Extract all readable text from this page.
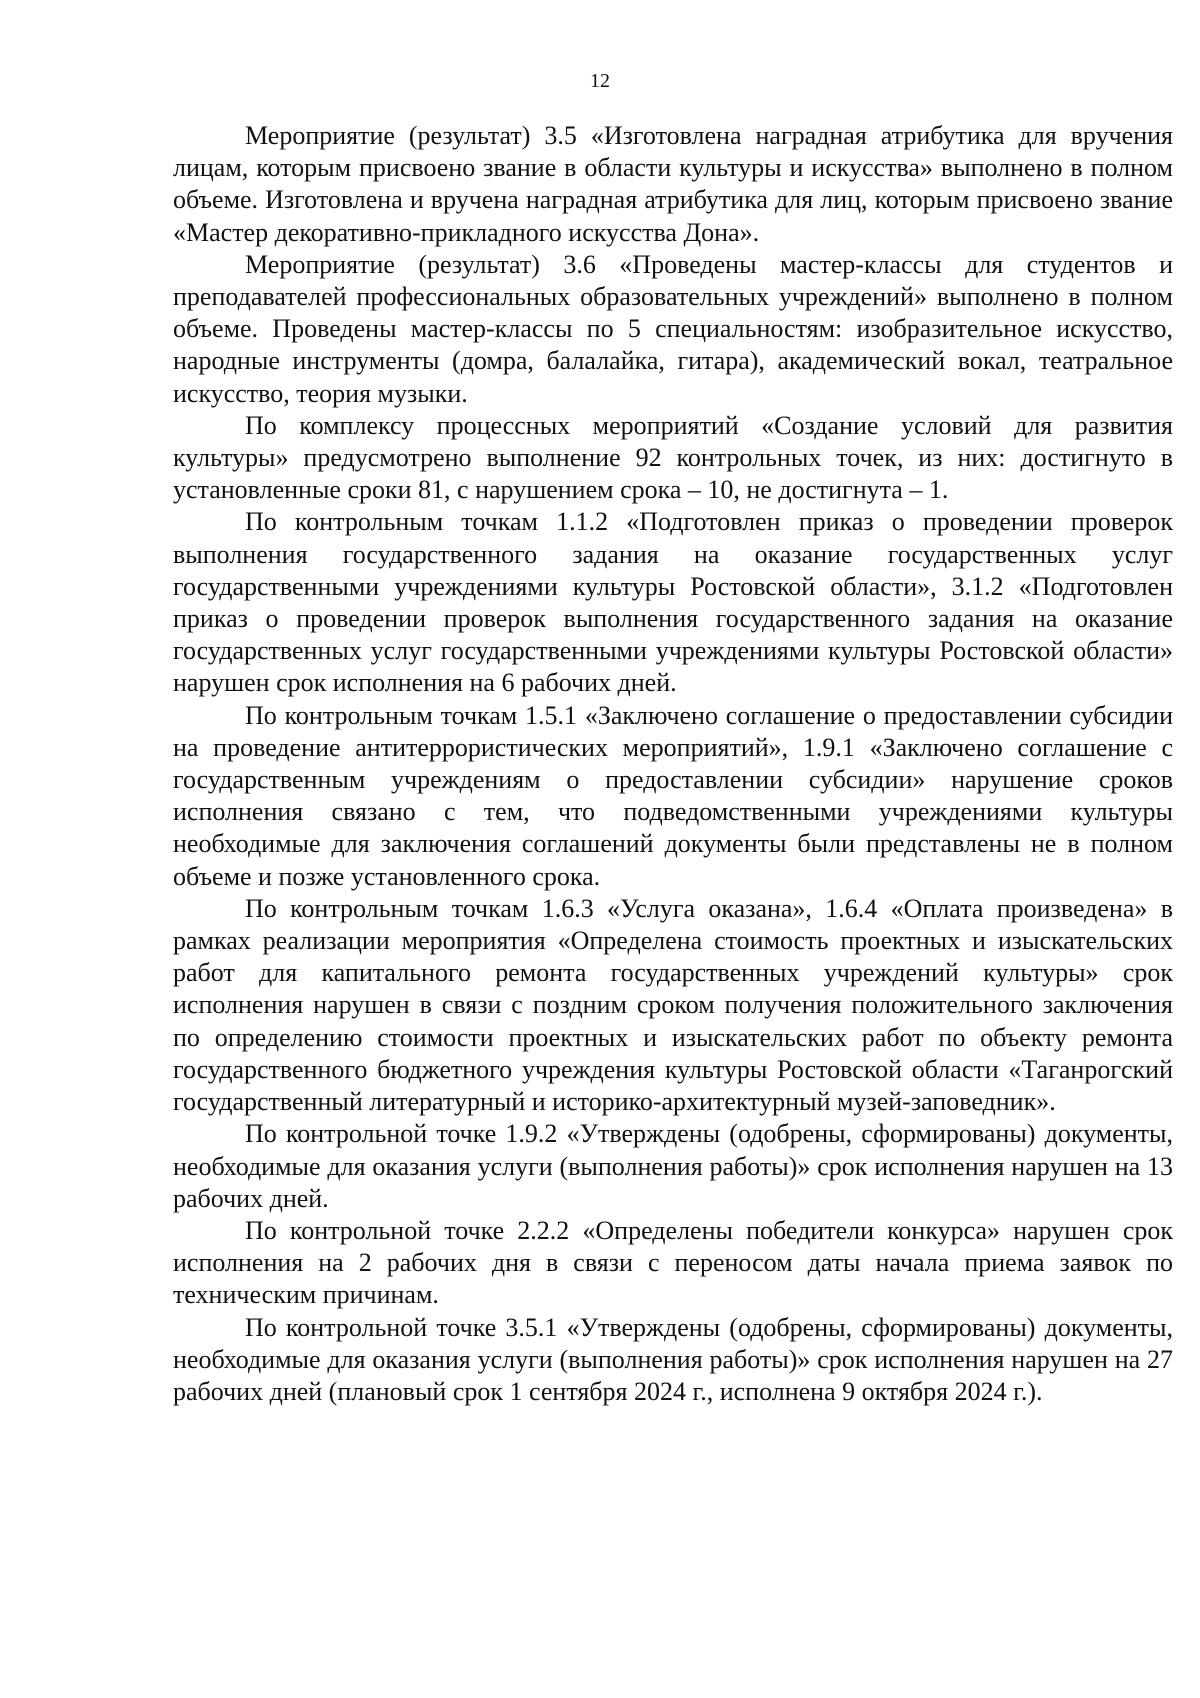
12

Мероприятие (результат) 3.5 «Изготовлена наградная атрибутика для вручения лицам, которым присвоено звание в области культуры и искусства» выполнено в полном объеме. Изготовлена и вручена наградная атрибутика для лиц, которым присвоено звание «Мастер декоративно-прикладного искусства Дона».

Мероприятие (результат) 3.6 «Проведены мастер-классы для студентов и преподавателей профессиональных образовательных учреждений» выполнено в полном объеме. Проведены мастер-классы по 5 специальностям: изобразительное искусство, народные инструменты (домра, балалайка, гитара), академический вокал, театральное искусство, теория музыки.

По комплексу процессных мероприятий «Создание условий для развития культуры» предусмотрено выполнение 92 контрольных точек, из них: достигнуто в установленные сроки 81, с нарушением срока – 10, не достигнута – 1.

По контрольным точкам 1.1.2 «Подготовлен приказ о проведении проверок выполнения государственного задания на оказание государственных услуг государственными учреждениями культуры Ростовской области», 3.1.2 «Подготовлен приказ о проведении проверок выполнения государственного задания на оказание государственных услуг государственными учреждениями культуры Ростовской области» нарушен срок исполнения на 6 рабочих дней.

По контрольным точкам 1.5.1 «Заключено соглашение о предоставлении субсидии на проведение антитеррористических мероприятий», 1.9.1 «Заключено соглашение с государственным учреждениям о предоставлении субсидии» нарушение сроков исполнения связано с тем, что подведомственными учреждениями культуры необходимые для заключения соглашений документы были представлены не в полном объеме и позже установленного срока.

По контрольным точкам 1.6.3 «Услуга оказана», 1.6.4 «Оплата произведена» в рамках реализации мероприятия «Определена стоимость проектных и изыскательских работ для капитального ремонта государственных учреждений культуры» срок исполнения нарушен в связи с поздним сроком получения положительного заключения по определению стоимости проектных и изыскательских работ по объекту ремонта государственного бюджетного учреждения культуры Ростовской области «Таганрогский государственный литературный и историко-архитектурный музей-заповедник».

По контрольной точке 1.9.2 «Утверждены (одобрены, сформированы) документы, необходимые для оказания услуги (выполнения работы)» срок исполнения нарушен на 13 рабочих дней.

По контрольной точке 2.2.2 «Определены победители конкурса» нарушен срок исполнения на 2 рабочих дня в связи с переносом даты начала приема заявок по техническим причинам.

По контрольной точке 3.5.1 «Утверждены (одобрены, сформированы) документы, необходимые для оказания услуги (выполнения работы)» срок исполнения нарушен на 27 рабочих дней (плановый срок 1 сентября 2024 г., исполнена 9 октября 2024 г.).
